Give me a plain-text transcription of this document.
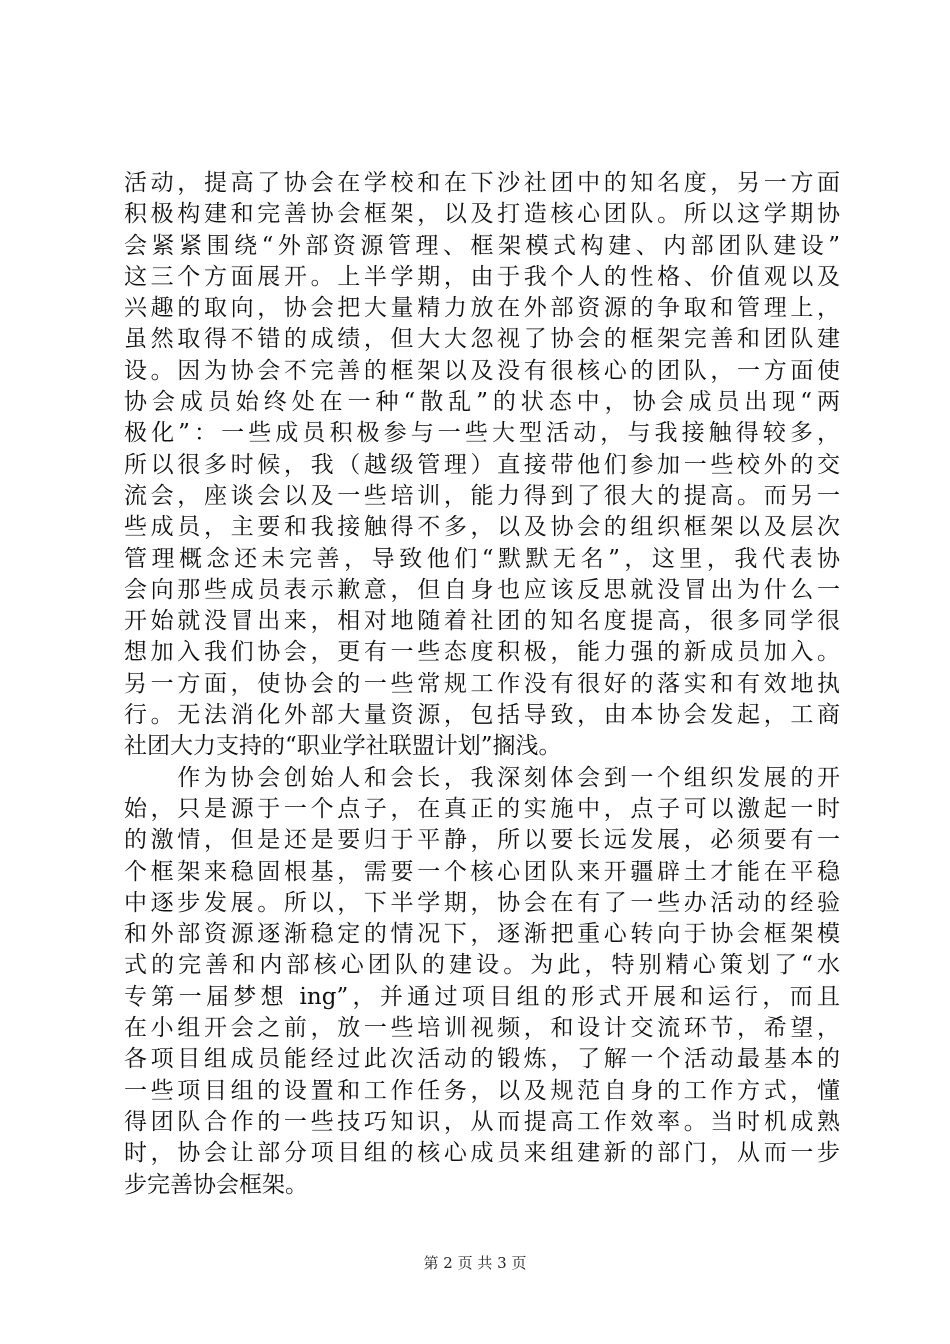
活动，提高了协会在学校和在下沙社团中的知名度，另一方面
积极构建和完善协会框架，以及打造核心团队。所以这学期协
会紧紧围绕“外部资源管理、框架模式构建、内部团队建设”
这三个方面展开。上半学期，由于我个人的性格、价值观以及
兴趣的取向，协会把大量精力放在外部资源的争取和管理上，
虽然取得不错的成绩，但大大忽视了协会的框架完善和团队建
设。因为协会不完善的框架以及没有很核心的团队，一方面使
协会成员始终处在一种“散乱”的状态中，协会成员出现“两
极化”：一些成员积极参与一些大型活动，与我接触得较多，
所以很多时候，我（越级管理）直接带他们参加一些校外的交
流会，座谈会以及一些培训，能力得到了很大的提高。而另一
些成员，主要和我接触得不多，以及协会的组织框架以及层次
管理概念还未完善，导致他们“默默无名”，这里，我代表协
会向那些成员表示歉意，但自身也应该反思就没冒出为什么一
开始就没冒出来，相对地随着社团的知名度提高，很多同学很
想加入我们协会，更有一些态度积极，能力强的新成员加入。
另一方面，使协会的一些常规工作没有很好的落实和有效地执
行。无法消化外部大量资源，包括导致，由本协会发起，工商
社团大力支持的“职业学社联盟计划”搁浅。
　　作为协会创始人和会长，我深刻体会到一个组织发展的开
始，只是源于一个点子，在真正的实施中，点子可以激起一时
的激情，但是还是要归于平静，所以要长远发展，必须要有一
个框架来稳固根基，需要一个核心团队来开疆辟土才能在平稳
中逐步发展。所以，下半学期，协会在有了一些办活动的经验
和外部资源逐渐稳定的情况下，逐渐把重心转向于协会框架模
式的完善和内部核心团队的建设。为此，特别精心策划了“水
专第一届梦想 ing”，并通过项目组的形式开展和运行，而且
在小组开会之前，放一些培训视频，和设计交流环节，希望，
各项目组成员能经过此次活动的锻炼，了解一个活动最基本的
一些项目组的设置和工作任务，以及规范自身的工作方式，懂
得团队合作的一些技巧知识，从而提高工作效率。当时机成熟
时，协会让部分项目组的核心成员来组建新的部门，从而一步
步完善协会框架。
第 2 页 共 3 页
